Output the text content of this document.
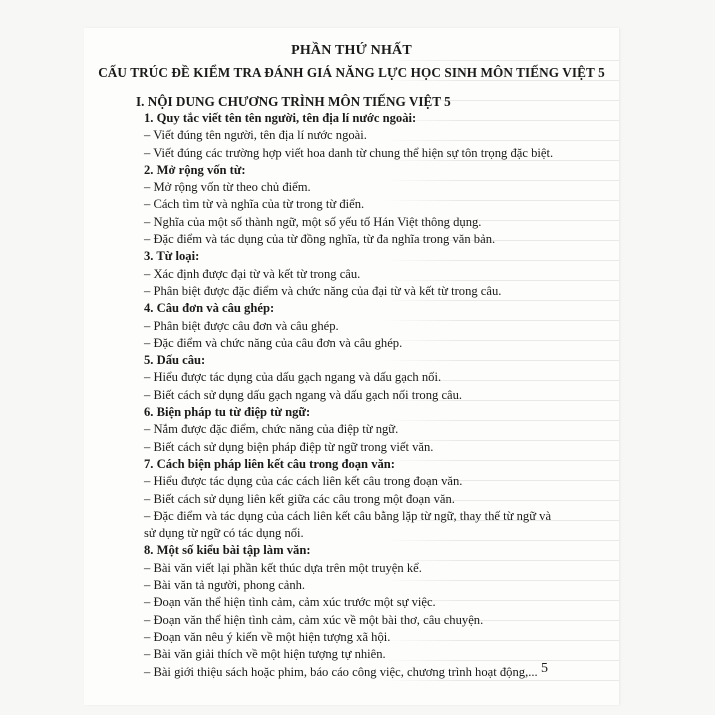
PHẦN THỨ NHẤT
CẤU TRÚC ĐỀ KIỂM TRA ĐÁNH GIÁ NĂNG LỰC HỌC SINH MÔN TIẾNG VIỆT 5
I. NỘI DUNG CHƯƠNG TRÌNH MÔN TIẾNG VIỆT 5
1. Quy tắc viết tên tên người, tên địa lí nước ngoài:
– Viết đúng tên người, tên địa lí nước ngoài.
– Viết đúng các trường hợp viết hoa danh từ chung thể hiện sự tôn trọng đặc biệt.
2. Mở rộng vốn từ:
– Mở rộng vốn từ theo chủ điểm.
– Cách tìm từ và nghĩa của từ trong từ điển.
– Nghĩa của một số thành ngữ, một số yếu tố Hán Việt thông dụng.
– Đặc điểm và tác dụng của từ đồng nghĩa, từ đa nghĩa trong văn bản.
3. Từ loại:
– Xác định được đại từ và kết từ trong câu.
– Phân biệt được đặc điểm và chức năng của đại từ và kết từ trong câu.
4. Câu đơn và câu ghép:
– Phân biệt được câu đơn và câu ghép.
– Đặc điểm và chức năng của câu đơn và câu ghép.
5. Dấu câu:
– Hiểu được tác dụng của dấu gạch ngang và dấu gạch nối.
– Biết cách sử dụng dấu gạch ngang và dấu gạch nối trong câu.
6. Biện pháp tu từ điệp từ ngữ:
– Nắm được đặc điểm, chức năng của điệp từ ngữ.
– Biết cách sử dụng biện pháp điệp từ ngữ trong viết văn.
7. Cách biện pháp liên kết câu trong đoạn văn:
– Hiểu được tác dụng của các cách liên kết câu trong đoạn văn.
– Biết cách sử dụng liên kết giữa các câu trong một đoạn văn.
– Đặc điểm và tác dụng của cách liên kết câu bằng lặp từ ngữ, thay thế từ ngữ và
sử dụng từ ngữ có tác dụng nối.
8. Một số kiểu bài tập làm văn:
– Bài văn viết lại phần kết thúc dựa trên một truyện kể.
– Bài văn tả người, phong cảnh.
– Đoạn văn thể hiện tình cảm, cảm xúc trước một sự việc.
– Đoạn văn thể hiện tình cảm, cảm xúc về một bài thơ, câu chuyện.
– Đoạn văn nêu ý kiến về một hiện tượng xã hội.
– Bài văn giải thích về một hiện tượng tự nhiên.
– Bài giới thiệu sách hoặc phim, báo cáo công việc, chương trình hoạt động,... 5
